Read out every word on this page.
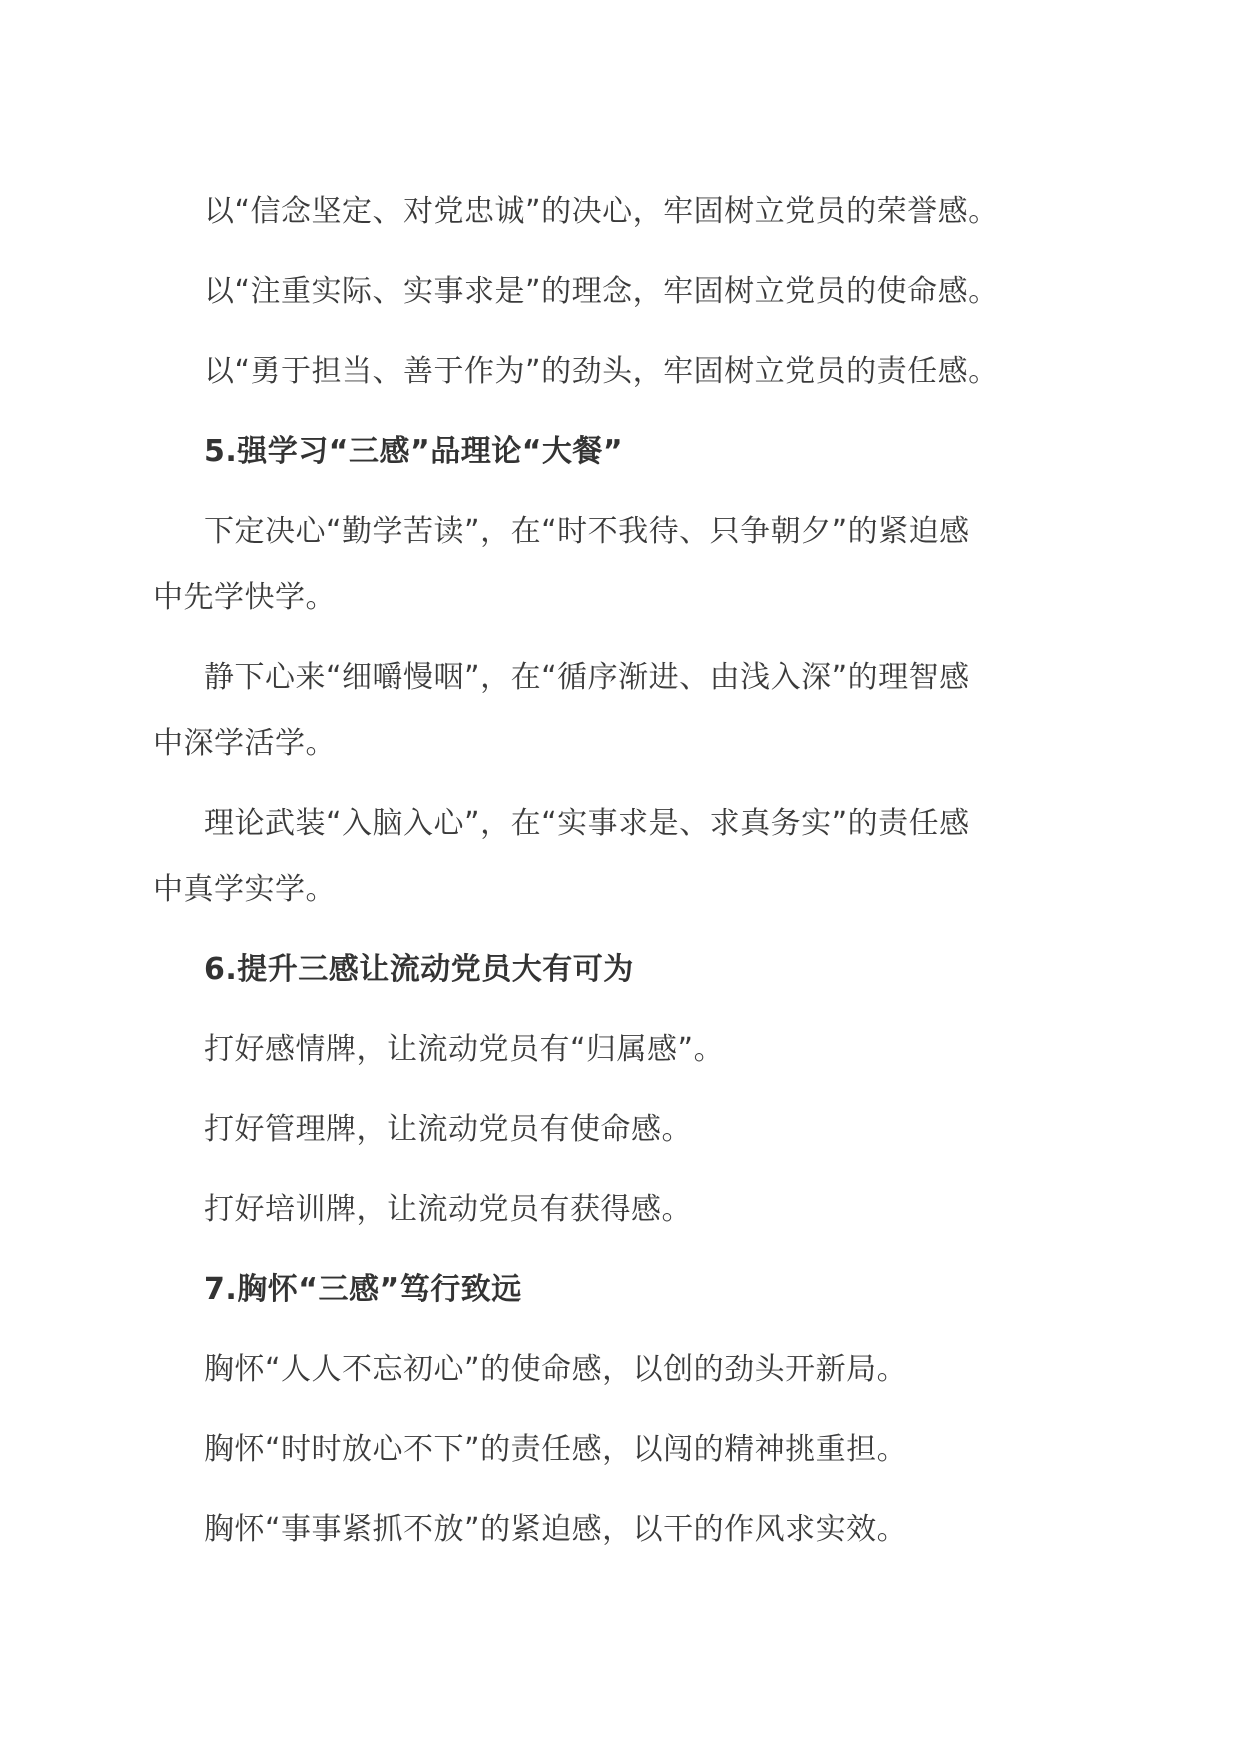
以“信念坚定、对党忠诚”的决心，牢固树立党员的荣誉感。

以“注重实际、实事求是”的理念，牢固树立党员的使命感。

以“勇于担当、善于作为”的劲头，牢固树立党员的责任感。

5.强学习“三感”品理论“大餐”

下定决心“勤学苦读”，在“时不我待、只争朝夕”的紧迫感

中先学快学。

静下心来“细嚼慢咽”，在“循序渐进、由浅入深”的理智感

中深学活学。

理论武装“入脑入心”，在“实事求是、求真务实”的责任感

中真学实学。

6.提升三感让流动党员大有可为

打好感情牌，让流动党员有“归属感”。

打好管理牌，让流动党员有使命感。

打好培训牌，让流动党员有获得感。

7.胸怀“三感”笃行致远

胸怀“人人不忘初心”的使命感，以创的劲头开新局。

胸怀“时时放心不下”的责任感，以闯的精神挑重担。

胸怀“事事紧抓不放”的紧迫感，以干的作风求实效。
